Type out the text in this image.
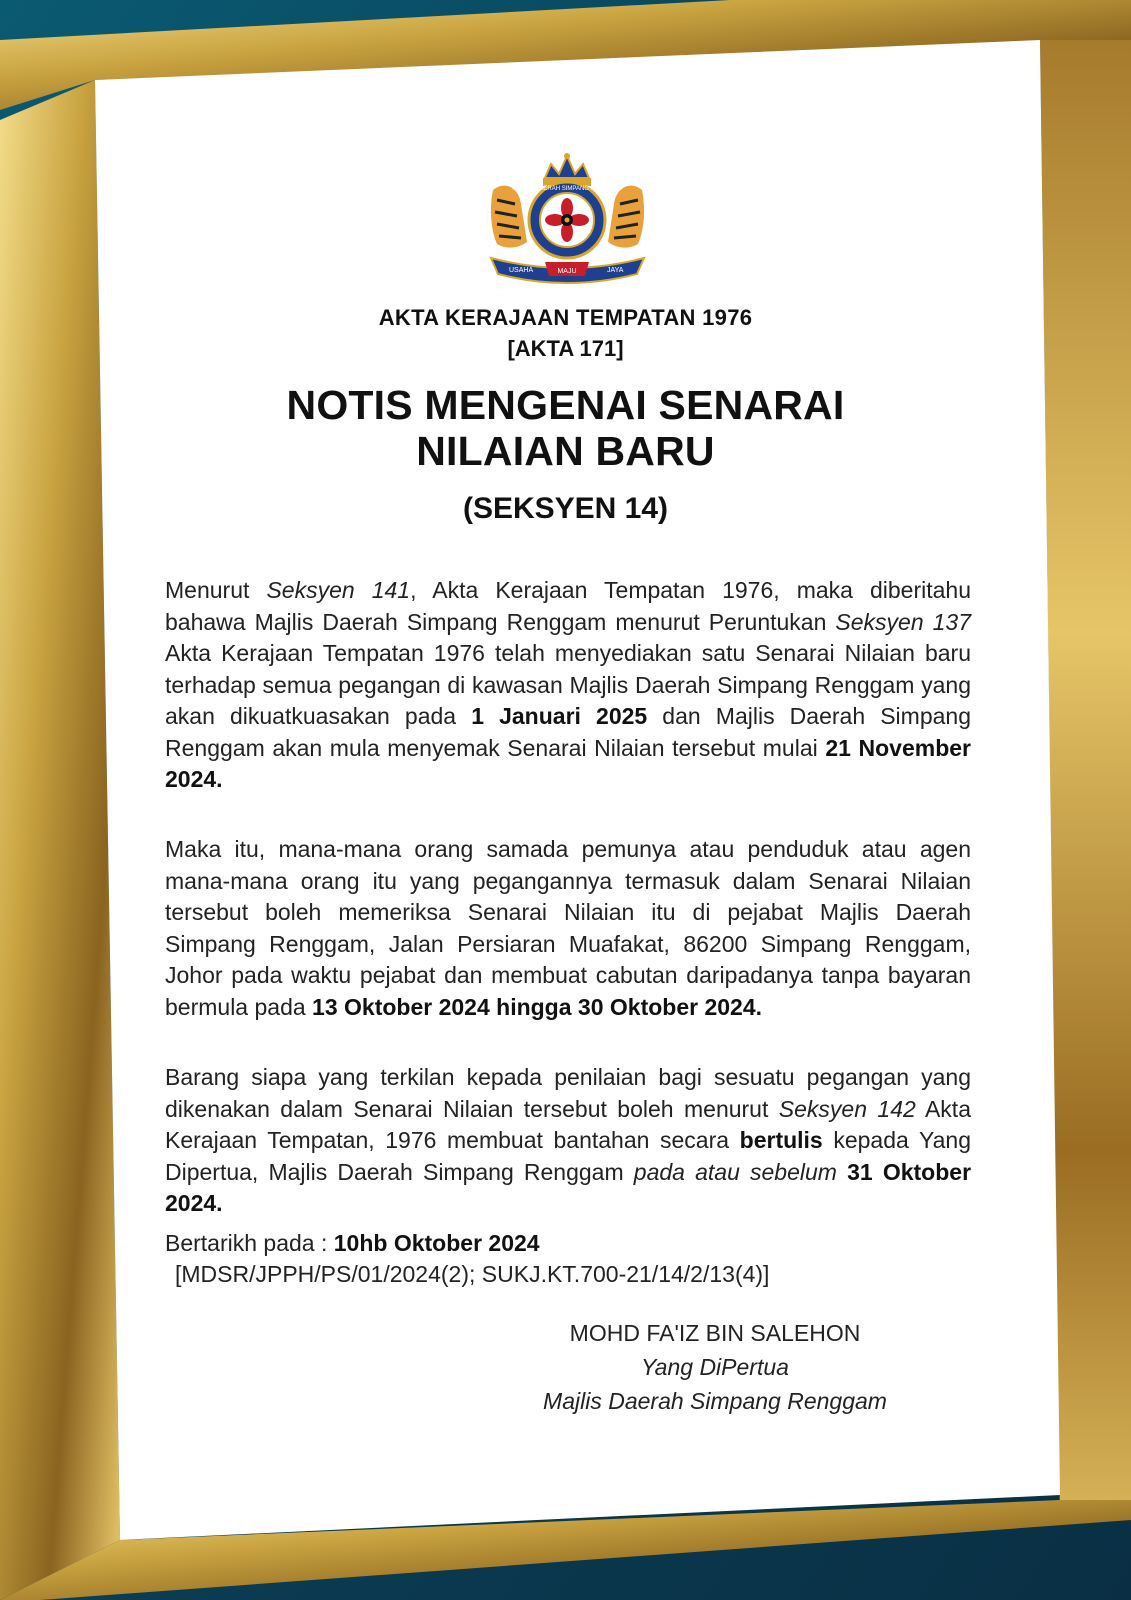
MAJLIS DAERAH SIMPANG RENGGAM
USAHA	MAJU	JAYA
AKTA KERAJAAN TEMPATAN 1976
[AKTA 171]
NOTIS MENGENAI SENARAI
NILAIAN BARU
(SEKSYEN 14)
Menurut Seksyen 141, Akta Kerajaan Tempatan 1976, maka diberitahu bahawa Majlis Daerah Simpang Renggam menurut Peruntukan Seksyen 137 Akta Kerajaan Tempatan 1976 telah menyediakan satu Senarai Nilaian baru terhadap semua pegangan di kawasan Majlis Daerah Simpang Renggam yang akan dikuatkuasakan pada 1 Januari 2025 dan Majlis Daerah Simpang Renggam akan mula menyemak Senarai Nilaian tersebut mulai 21 November 2024.
Maka itu, mana-mana orang samada pemunya atau penduduk atau agen mana-mana orang itu yang pegangannya termasuk dalam Senarai Nilaian tersebut boleh memeriksa Senarai Nilaian itu di pejabat Majlis Daerah Simpang Renggam, Jalan Persiaran Muafakat, 86200 Simpang Renggam, Johor pada waktu pejabat dan membuat cabutan daripadanya tanpa bayaran bermula pada 13 Oktober 2024 hingga 30 Oktober 2024.
Barang siapa yang terkilan kepada penilaian bagi sesuatu pegangan yang dikenakan dalam Senarai Nilaian tersebut boleh menurut Seksyen 142 Akta Kerajaan Tempatan, 1976 membuat bantahan secara bertulis kepada Yang Dipertua, Majlis Daerah Simpang Renggam pada atau sebelum 31 Oktober 2024.
Bertarikh pada : 10hb Oktober 2024
[MDSR/JPPH/PS/01/2024(2); SUKJ.KT.700-21/14/2/13(4)]
MOHD FA'IZ BIN SALEHON
Yang DiPertua
Majlis Daerah Simpang Renggam
